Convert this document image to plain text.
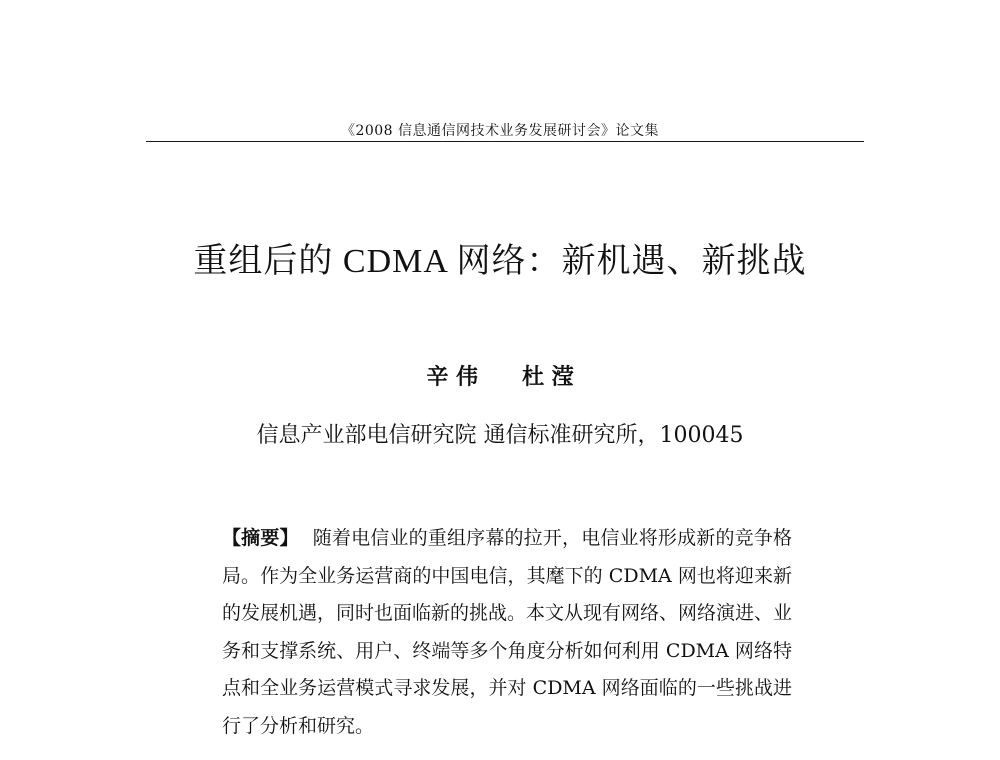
《2008 信息通信网技术业务发展研讨会》论文集
重组后的 CDMA 网络：新机遇、新挑战
辛 伟 杜 滢
信息产业部电信研究院 通信标准研究所，100045
【摘要】 随着电信业的重组序幕的拉开，电信业将形成新的竞争格局。作为全业务运营商的中国电信，其麾下的 CDMA 网也将迎来新的发展机遇，同时也面临新的挑战。本文从现有网络、网络演进、业务和支撑系统、用户、终端等多个角度分析如何利用 CDMA 网络特点和全业务运营模式寻求发展，并对 CDMA 网络面临的一些挑战进行了分析和研究。
